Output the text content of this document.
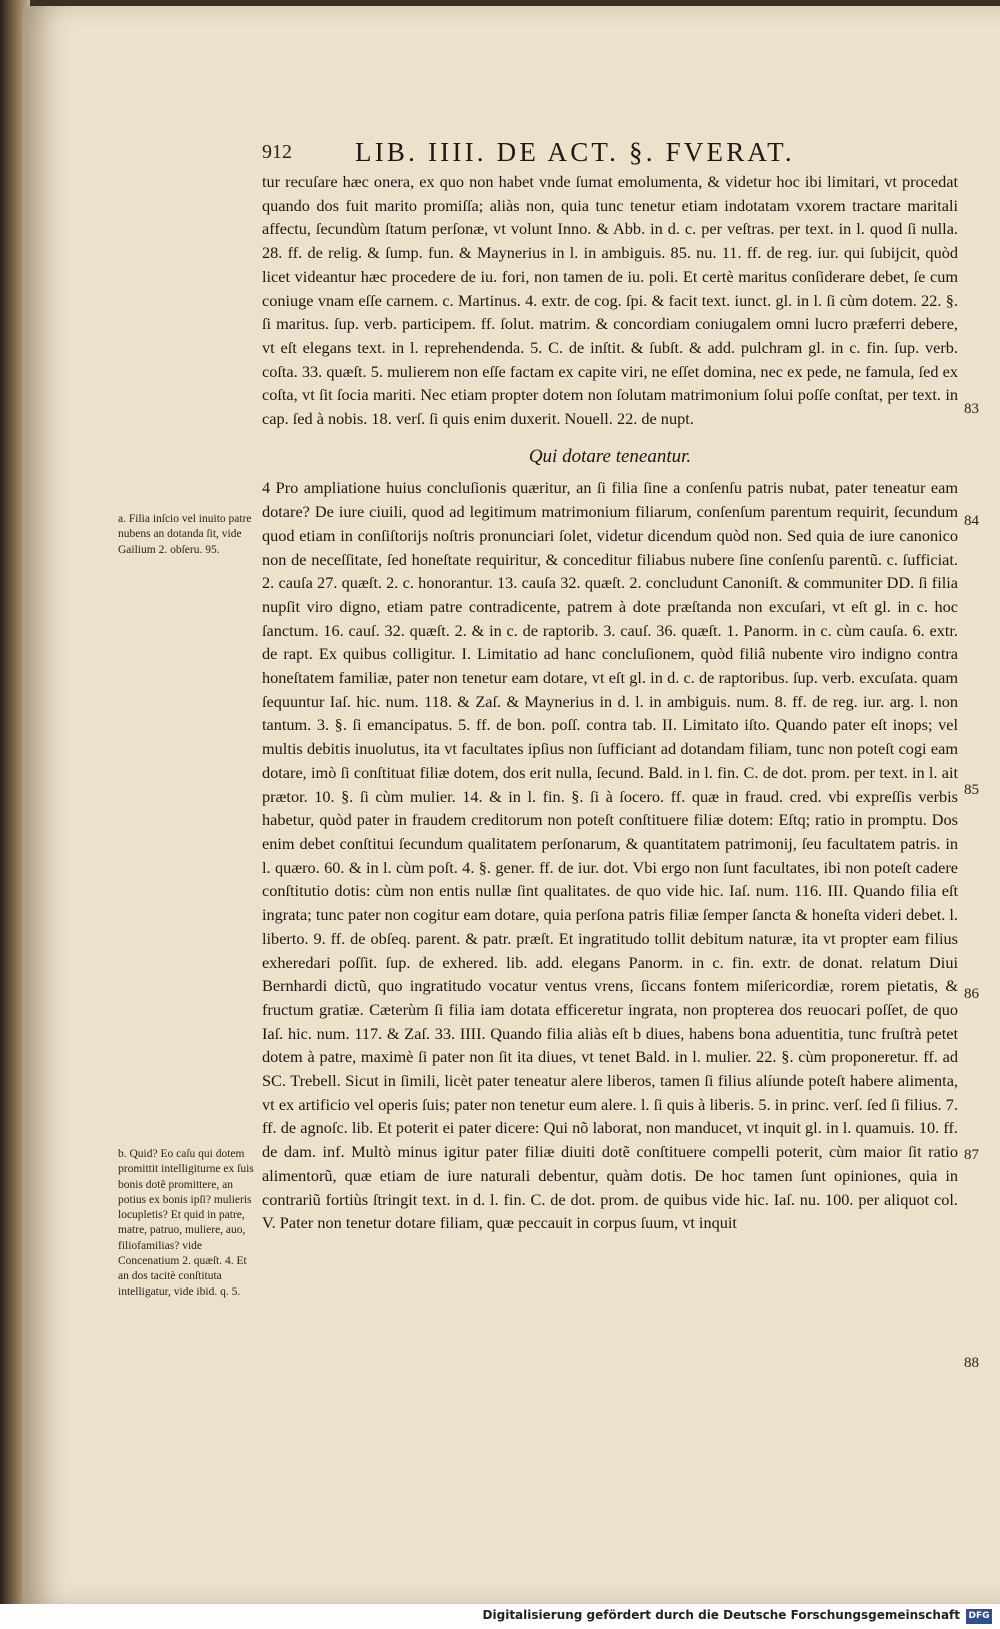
912 LIB. IIII. DE ACT. §. FVERAT.

tur recuſare hæc onera, ex quo non habet vnde ſumat emolumenta, & videtur hoc ibi limitari, vt procedat quando dos fuit marito promiſſa; aliàs non, quia tunc tenetur etiam indotatam vxorem tractare maritali affectu, ſecundùm ſtatum perſonæ, vt volunt Inno. & Abb. in d. c. per veſtras. per text. in l. quod ſi nulla. 28. ff. de relig. & ſump. fun. & Maynerius in l. in ambiguis. 85. nu. 11. ff. de reg. iur. qui ſubijcit, quòd licet videantur hæc procedere de iu. fori, non tamen de iu. poli. Et certè maritus conſiderare debet, ſe cum coniuge vnam eſſe carnem. c. Martinus. 4. extr. de cog. ſpi. & facit text. iunct. gl. in l. ſi cùm dotem. 22. §. ſi maritus. ſup. verb. participem. ff. ſolut. matrim. & concordiam coniugalem omni lucro præferri debere, vt eſt elegans text. in l. reprehendenda. 5. C. de inſtit. & ſubſt. & add. pulchram gl. in c. fin. ſup. verb. coſta. 33. quæſt. 5. mulierem non eſſe factam ex capite viri, ne eſſet domina, nec ex pede, ne famula, ſed ex coſta, vt ſit ſocia mariti. Nec etiam propter dotem non ſolutam matrimonium ſolui poſſe conſtat, per text. in cap. ſed à nobis. 18. verſ. ſi quis enim duxerit. Nouell. 22. de nupt.

Qui dotare teneantur.

4 Pro ampliatione huius concluſionis quæritur, an ſi filia ſine a conſenſu patris nubat, pater teneatur eam dotare? De iure ciuili, quod ad legitimum matrimonium filiarum, conſenſum parentum requirit, ſecundum quod etiam in conſiſtorijs noſtris pronunciari ſolet, videtur dicendum quòd non. Sed quia de iure canonico non de neceſſitate, ſed honeſtate requiritur, & conceditur filiabus nubere ſine conſenſu parentũ. c. ſufficiat. 2. cauſa 27. quæſt. 2. c. honorantur. 13. cauſa 32. quæſt. 2. concludunt Canoniſt. & communiter DD. ſi filia nupſit viro digno, etiam patre contradicente, patrem à dote præſtanda non excuſari, vt eſt gl. in c. hoc ſanctum. 16. cauſ. 32. quæſt. 2. & in c. de raptorib. 3. cauſ. 36. quæſt. 1. Panorm. in c. cùm cauſa. 6. extr. de rapt. Ex quibus colligitur. I. Limitatio ad hanc concluſionem, quòd filiâ nubente viro indigno contra honeſtatem familiæ, pater non tenetur eam dotare, vt eſt gl. in d. c. de raptoribus. ſup. verb. excuſata. quam ſequuntur Iaſ. hic. num. 118. & Zaſ. & Maynerius in d. l. in ambiguis. num. 8. ff. de reg. iur. arg. l. non tantum. 3. §. ſi emancipatus. 5. ff. de bon. poſſ. contra tab. II. Limitato iſto. Quando pater eſt inops; vel multis debitis inuolutus, ita vt facultates ipſius non ſufficiant ad dotandam filiam, tunc non poteſt cogi eam dotare, imò ſi conſtituat filiæ dotem, dos erit nulla, ſecund. Bald. in l. fin. C. de dot. prom. per text. in l. ait prætor. 10. §. ſi cùm mulier. 14. & in l. fin. §. ſi à ſocero. ff. quæ in fraud. cred. vbi expreſſis verbis habetur, quòd pater in fraudem creditorum non poteſt conſtituere filiæ dotem: Eſtq; ratio in promptu. Dos enim debet conſtitui ſecundum qualitatem perſonarum, & quantitatem patrimonij, ſeu facultatem patris. in l. quæro. 60. & in l. cùm poſt. 4. §. gener. ff. de iur. dot. Vbi ergo non ſunt facultates, ibi non poteſt cadere conſtitutio dotis: cùm non entis nullæ ſint qualitates. de quo vide hic. Iaſ. num. 116. III. Quando filia eſt ingrata; tunc pater non cogitur eam dotare, quia perſona patris filiæ ſemper ſancta & honeſta videri debet. l. liberto. 9. ff. de obſeq. parent. & patr. præſt. Et ingratitudo tollit debitum naturæ, ita vt propter eam filius exheredari poſſit. ſup. de exhered. lib. add. elegans Panorm. in c. fin. extr. de donat. relatum Diui Bernhardi dictũ, quo ingratitudo vocatur ventus vrens, ſiccans fontem miſericordiæ, rorem pietatis, & fructum gratiæ. Cæterùm ſi filia iam dotata efficeretur ingrata, non propterea dos reuocari poſſet, de quo Iaſ. hic. num. 117. & Zaſ. 33. IIII. Quando filia aliàs eſt b diues, habens bona aduentitia, tunc fruſtrà petet dotem à patre, maximè ſi pater non ſit ita diues, vt tenet Bald. in l. mulier. 22. §. cùm proponeretur. ff. ad SC. Trebell. Sicut in ſimili, licèt pater teneatur alere liberos, tamen ſi filius alíunde poteſt habere alimenta, vt ex artificio vel operis ſuis; pater non tenetur eum alere. l. ſi quis à liberis. 5. in princ. verſ. ſed ſi filius. 7. ff. de agnoſc. lib. Et poterit ei pater dicere: Qui nõ laborat, non manducet, vt inquit gl. in l. quamuis. 10. ff. de dam. inf. Multò minus igitur pater filiæ diuiti dotẽ conſtituere compelli poterit, cùm maior ſit ratio alimentorũ, quæ etiam de iure naturali debentur, quàm dotis. De hoc tamen ſunt opiniones, quia in contrariũ fortiùs ſtringit text. in d. l. fin. C. de dot. prom. de quibus vide hic. Iaſ. nu. 100. per aliquot col. V. Pater non tenetur dotare filiam, quæ peccauit in corpus ſuum, vt inquit

83
84
85
86
87
88
a. Filia inſcio vel inuito patre nubens an dotanda ſit, vide Gailium 2. obſeru. 95.
b. Quid? Eo caſu qui dotem promittit intelligiturne ex ſuis bonis dotẽ promittere, an potius ex bonis ipſi? mulieris locupletis? Et quid in patre, matre, patruo, muliere, auo, filiofamilias? vide Concenatium 2. quæſt. 4. Et an dos tacitè conſtituta intelligatur, vide ibid. q. 5.
Digitalisierung gefördert durch die Deutsche Forschungsgemeinschaft DFG
